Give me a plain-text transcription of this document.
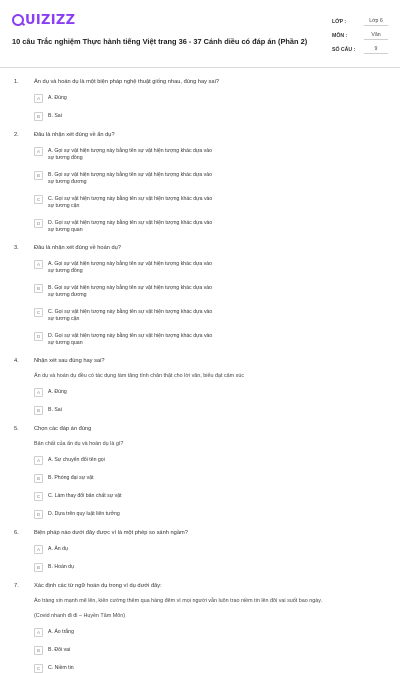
UIZIZZ
10 câu Trắc nghiệm Thực hành tiếng Việt trang 36 - 37 Cánh diều có đáp án (Phần 2)
LỚP :	Lớp 6
MÔN :	Văn
SỐ CÂU :	9
1.	Ẩn dụ và hoán dụ là một biện pháp nghệ thuật giống nhau, đúng hay sai?
A	A. Đúng
B	B. Sai
2.	Đâu là nhận xét đúng về ẩn dụ?
A	A. Gọi sự vật hiện tượng này bằng tên sự vật hiện tượng khác dựa vào sự tương đồng
B	B. Gọi sự vật hiện tượng này bằng tên sự vật hiện tượng khác dựa vào sự tương đương
C	C. Gọi sự vật hiện tượng này bằng tên sự vật hiện tượng khác dựa vào sự tương cận
D	D. Gọi sự vật hiện tượng này bằng tên sự vật hiện tượng khác dựa vào sự tương quan
3.	Đâu là nhận xét đúng về hoán dụ?
A	A. Gọi sự vật hiện tượng này bằng tên sự vật hiện tượng khác dựa vào sự tương đồng
B	B. Gọi sự vật hiện tượng này bằng tên sự vật hiện tượng khác dựa vào sự tương đương
C	C. Gọi sự vật hiện tượng này bằng tên sự vật hiện tượng khác dựa vào sự tương cận
D	D. Gọi sự vật hiện tượng này bằng tên sự vật hiện tượng khác dựa vào sự tương quan
4.	Nhận xét sau đúng hay sai?
Ẩn dụ và hoán dụ đều có tác dụng làm tăng tính chân thật cho lời văn, biểu đạt cảm xúc
A	A. Đúng
B	B. Sai
5.	Chọn các đáp án đúng
Bản chất của ẩn dụ và hoán dụ là gì?
A	A. Sự chuyển đổi tên gọi
B	B. Phóng đại sự vật
C	C. Làm thay đổi bản chất sự vật
D	D. Dựa trên quy luật liên tưởng
6.	Biện pháp nào dưới đây được ví là một phép so sánh ngầm?
A	A. Ẩn dụ
B	B. Hoán dụ
7.	Xác định các từ ngữ hoán dụ trong ví dụ dưới đây:
Áo tràng xin mạnh mẽ lên, kiên cường thêm qua hàng đêm vì mọi người vẫn luôn trao niềm tin lên đôi vai suốt bao ngày.
(Covid nhanh đi đi – Huyền Tâm Môn)
A	A. Áo trắng
B	B. Đôi vai
C	C. Niềm tin
